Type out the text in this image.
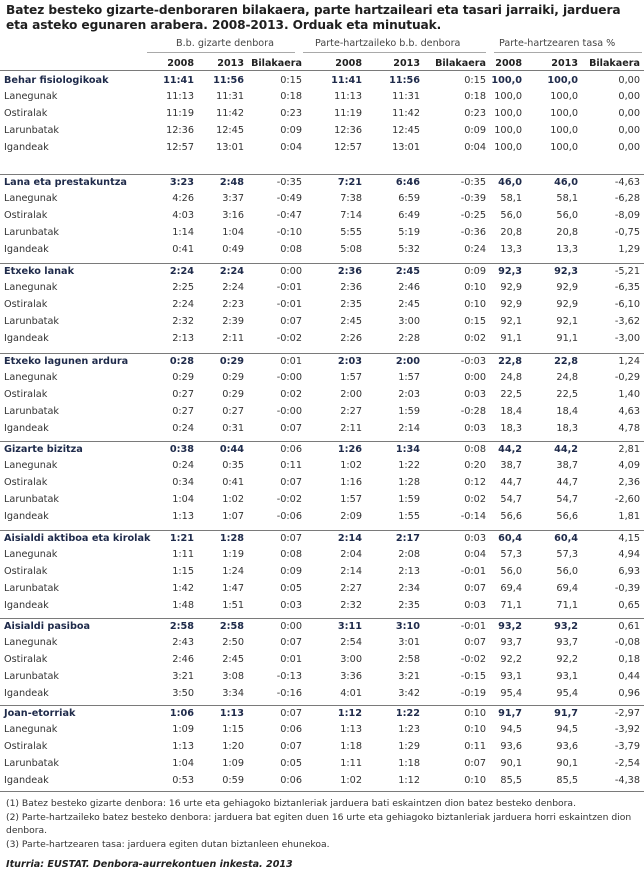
Batez besteko gizarte-denboraren bilakaera, parte hartzaileari eta tasari jarraiki, jarduera eta asteko egunaren arabera. 2008-2013. Orduak eta minutuak.
B.b. gizarte denbora	Parte-hartzaileko b.b. denbora	Parte-hartzearen tasa %
2008	2013 Bilakaera	2008	2013	Bilakaera 2008	2013	Bilakaera
Behar fisiologikoak	11:41	11:56	0:15	11:41	11:56	0:15 100,0	100,0	0,00
Lanegunak	11:13	11:31	0:18	11:13	11:31	0:18 100,0	100,0	0,00
Ostiralak	11:19	11:42	0:23	11:19	11:42	0:23 100,0	100,0	0,00
Larunbatak	12:36	12:45	0:09	12:36	12:45	0:09 100,0	100,0	0,00
Igandeak	12:57	13:01	0:04	12:57	13:01	0:04 100,0	100,0	0,00
Lana eta prestakuntza	3:23	2:48	-0:35	7:21	6:46	-0:35	46,0	46,0	-4,63
Lanegunak	4:26	3:37	-0:49	7:38	6:59	-0:39	58,1	58,1	-6,28
Ostiralak	4:03	3:16	-0:47	7:14	6:49	-0:25	56,0	56,0	-8,09
Larunbatak	1:14	1:04	-0:10	5:55	5:19	-0:36	20,8	20,8	-0,75
Igandeak	0:41	0:49	0:08	5:08	5:32	0:24	13,3	13,3	1,29
Etxeko lanak	2:24	2:24	0:00	2:36	2:45	0:09	92,3	92,3	-5,21
Lanegunak	2:25	2:24	-0:01	2:36	2:46	0:10	92,9	92,9	-6,35
Ostiralak	2:24	2:23	-0:01	2:35	2:45	0:10	92,9	92,9	-6,10
Larunbatak	2:32	2:39	0:07	2:45	3:00	0:15	92,1	92,1	-3,62
Igandeak	2:13	2:11	-0:02	2:26	2:28	0:02	91,1	91,1	-3,00
Etxeko lagunen ardura	0:28	0:29	0:01	2:03	2:00	-0:03	22,8	22,8	1,24
Lanegunak	0:29	0:29	-0:00	1:57	1:57	0:00	24,8	24,8	-0,29
Ostiralak	0:27	0:29	0:02	2:00	2:03	0:03	22,5	22,5	1,40
Larunbatak	0:27	0:27	-0:00	2:27	1:59	-0:28	18,4	18,4	4,63
Igandeak	0:24	0:31	0:07	2:11	2:14	0:03	18,3	18,3	4,78
Gizarte bizitza	0:38	0:44	0:06	1:26	1:34	0:08	44,2	44,2	2,81
Lanegunak	0:24	0:35	0:11	1:02	1:22	0:20	38,7	38,7	4,09
Ostiralak	0:34	0:41	0:07	1:16	1:28	0:12	44,7	44,7	2,36
Larunbatak	1:04	1:02	-0:02	1:57	1:59	0:02	54,7	54,7	-2,60
Igandeak	1:13	1:07	-0:06	2:09	1:55	-0:14	56,6	56,6	1,81
Aisialdi aktiboa eta kirolak	1:21	1:28	0:07	2:14	2:17	0:03	60,4	60,4	4,15
Lanegunak	1:11	1:19	0:08	2:04	2:08	0:04	57,3	57,3	4,94
Ostiralak	1:15	1:24	0:09	2:14	2:13	-0:01	56,0	56,0	6,93
Larunbatak	1:42	1:47	0:05	2:27	2:34	0:07	69,4	69,4	-0,39
Igandeak	1:48	1:51	0:03	2:32	2:35	0:03	71,1	71,1	0,65
Aisialdi pasiboa	2:58	2:58	0:00	3:11	3:10	-0:01	93,2	93,2	0,61
Lanegunak	2:43	2:50	0:07	2:54	3:01	0:07	93,7	93,7	-0,08
Ostiralak	2:46	2:45	0:01	3:00	2:58	-0:02	92,2	92,2	0,18
Larunbatak	3:21	3:08	-0:13	3:36	3:21	-0:15	93,1	93,1	0,44
Igandeak	3:50	3:34	-0:16	4:01	3:42	-0:19	95,4	95,4	0,96
Joan-etorriak	1:06	1:13	0:07	1:12	1:22	0:10	91,7	91,7	-2,97
Lanegunak	1:09	1:15	0:06	1:13	1:23	0:10	94,5	94,5	-3,92
Ostiralak	1:13	1:20	0:07	1:18	1:29	0:11	93,6	93,6	-3,79
Larunbatak	1:04	1:09	0:05	1:11	1:18	0:07	90,1	90,1	-2,54
Igandeak	0:53	0:59	0:06	1:02	1:12	0:10	85,5	85,5	-4,38
(1) Batez besteko gizarte denbora: 16 urte eta gehiagoko biztanleriak jarduera bati eskaintzen dion batez besteko denbora.
(2) Parte-hartzaileko batez besteko denbora: jarduera bat egiten duen 16 urte eta gehiagoko biztanleriak jarduera horri eskaintzen dion denbora.
(3) Parte-hartzearen tasa: jarduera egiten dutan biztanleen ehunekoa.
Iturria: EUSTAT. Denbora-aurrekontuen inkesta. 2013
